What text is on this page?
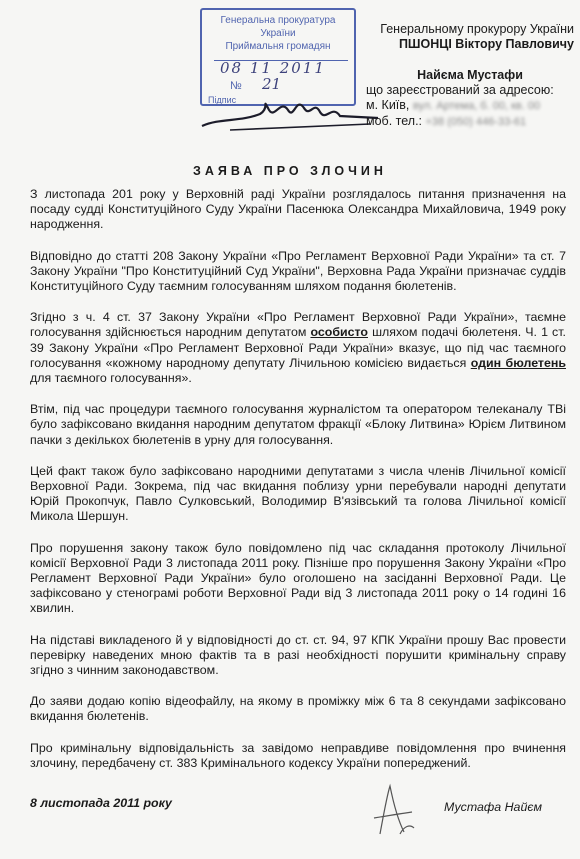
Генеральна прокуратура
України
Приймальня громадян
08 11 2011
№ 21
Підпис
Генеральному прокурору України
ПШОНЦІ Віктору Павловичу
Найєма Мустафи
що зареєстрований за адресою:
м. Київ, вул. Артема, б. 00, кв. 00
моб. тел.: +38 (050) 446-33-61
ЗАЯВА ПРО ЗЛОЧИН

З листопада 201 року у Верховній раді України розглядалось питання призначення на посаду судді Конституційного Суду України Пасенюка Олександра Михайловича, 1949 року народження.

Відповідно до статті 208 Закону України «Про Регламент Верховної Ради України» та ст. 7 Закону України "Про Конституційний Суд України", Верховна Рада України призначає суддів Конституційного Суду таємним голосуванням шляхом подання бюлетенів.

Згідно з ч. 4 ст. 37 Закону України «Про Регламент Верховної Ради України», таємне голосування здійснюється народним депутатом особисто шляхом подачі бюлетеня. Ч. 1 ст. 39 Закону України «Про Регламент Верховної Ради України» вказує, що під час таємного голосування «кожному народному депутату Лічильною комісією видається один бюлетень для таємного голосування».

Втім, під час процедури таємного голосування журналістом та оператором телеканалу ТВі було зафіксовано вкидання народним депутатом фракції «Блоку Литвина» Юрієм Литвином пачки з декількох бюлетенів в урну для голосування.

Цей факт також було зафіксовано народними депутатами з числа членів Лічильної комісії Верховної Ради. Зокрема, під час вкидання поблизу урни перебували народні депутати Юрій Прокопчук, Павло Сулковський, Володимир В'язівський та голова Лічильної комісії Микола Шершун.

Про порушення закону також було повідомлено під час складання протоколу Лічильної комісії Верховної Ради 3 листопада 2011 року. Пізніше про порушення Закону України «Про Регламент Верховної Ради України» було оголошено на засіданні Верховної Ради. Це зафіксовано у стенограмі роботи Верховної Ради від 3 листопада 2011 року о 14 годині 16 хвилин.

На підставі викладеного й у відповідності до ст. ст. 94, 97 КПК України прошу Вас провести перевірку наведених мною фактів та в разі необхідності порушити кримінальну справу згідно з чинним законодавством.

До заяви додаю копію відеофайлу, на якому в проміжку між 6 та 8 секундами зафіксовано вкидання бюлетенів.

Про кримінальну відповідальність за завідомо неправдиве повідомлення про вчинення злочину, передбачену ст. 383 Кримінального кодексу України попереджений.

8 листопада 2011 року	Мустафа Найєм
